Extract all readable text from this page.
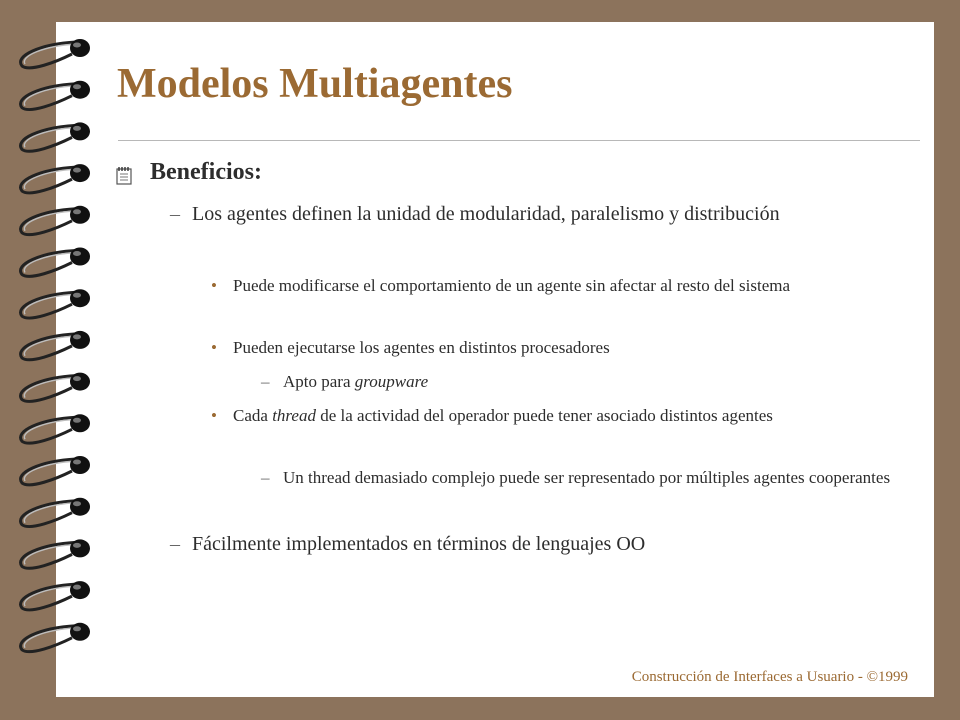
Modelos Multiagentes
Beneficios:
– Los agentes definen la unidad de modularidad, paralelismo y distribución
• Puede modificarse el comportamiento de un agente sin afectar al resto del sistema
• Pueden ejecutarse los agentes en distintos procesadores
– Apto para groupware
• Cada thread de la actividad del operador puede tener asociado distintos agentes
– Un thread demasiado complejo puede ser representado por múltiples agentes cooperantes
– Fácilmente implementados en términos de lenguajes OO
Construcción de Interfaces a Usuario - ©1999
